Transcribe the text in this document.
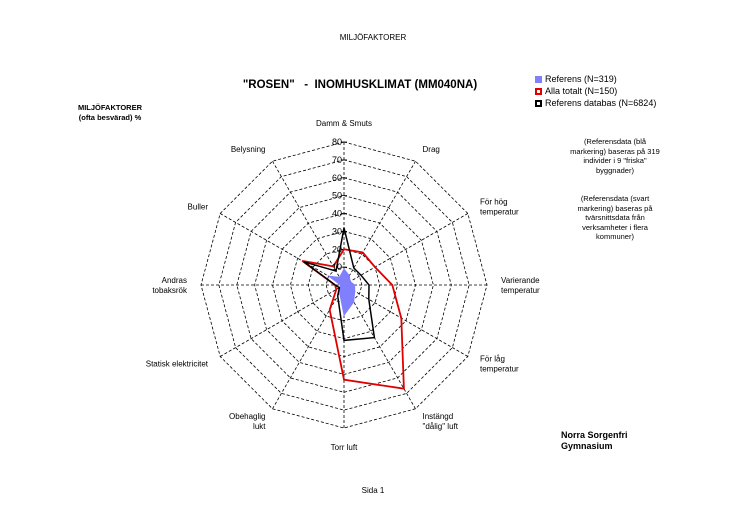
MILJÖFAKTORER
"ROSEN"   -  INOMHUSKLIMAT (MM040NA)
MILJÖFAKTORER
(ofta besvärad) %
Referens (N=319)
Alla totalt (N=150)
Referens databas (N=6824)
(Referensdata (blå
markering) baseras på 319
individer i 9 "friska"
byggnader)
(Referensdata (svart
markering) baseras på
tvärsnittsdata från
verksamheter i flera
kommuner)
Norra Sorgenfri
Gymnasium
10
20
30
40
50
60
70
80
Damm & Smuts
Drag
För hög temperatur
Varierande temperatur
För låg temperatur
Instängd "dålig" luft
Torr luft
Obehaglig lukt
Statisk elektricitet
Andras tobaksrök
Buller
Belysning
Sida 1
